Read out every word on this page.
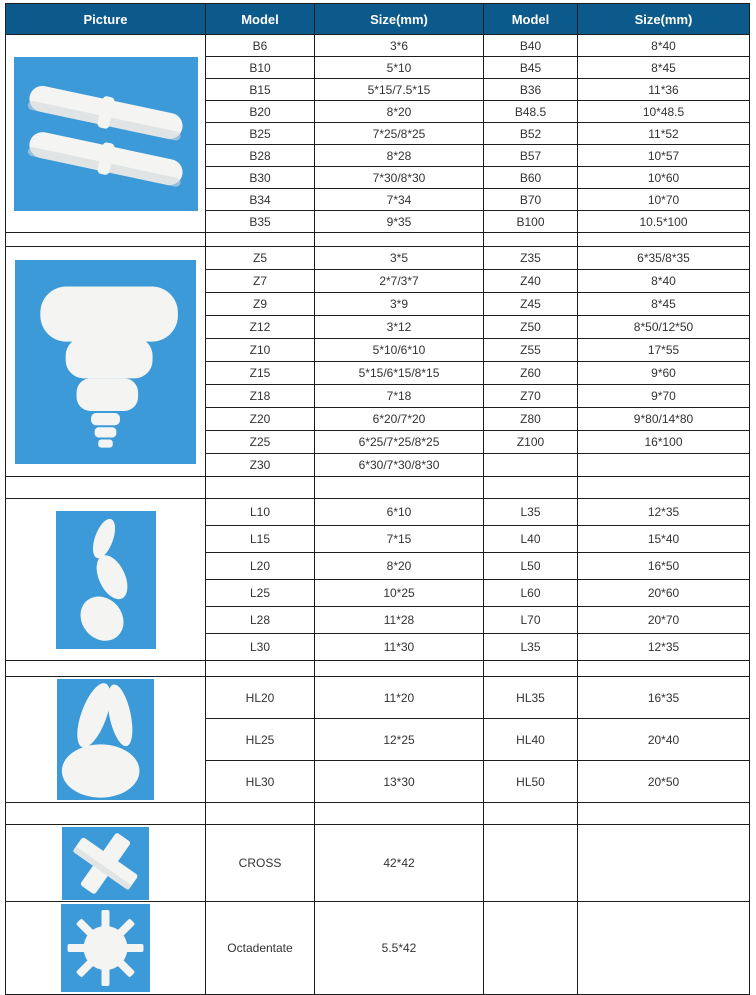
Picture	Model	Size(mm)	Model	Size(mm)

	B6	3*6	B40	8*40
	B10	5*10	B45	8*45
	B15	5*15/7.5*15	B36	11*36
	B20	8*20	B48.5	10*48.5
	B25	7*25/8*25	B52	11*52
	B28	8*28	B57	10*57
	B30	7*30/8*30	B60	10*60
	B34	7*34	B70	10*70
	B35	9*35	B100	10.5*100

	Z5	3*5	Z35	6*35/8*35
	Z7	2*7/3*7	Z40	8*40
	Z9	3*9	Z45	8*45
	Z12	3*12	Z50	8*50/12*50
	Z10	5*10/6*10	Z55	17*55
	Z15	5*15/6*15/8*15	Z60	9*60
	Z18	7*18	Z70	9*70
	Z20	6*20/7*20	Z80	9*80/14*80
	Z25	6*25/7*25/8*25	Z100	16*100
	Z30	6*30/7*30/8*30		

	L10	6*10	L35	12*35
	L15	7*15	L40	15*40
	L20	8*20	L50	16*50
	L25	10*25	L60	20*60
	L28	11*28	L70	20*70
	L30	11*30	L35	12*35

	HL20	11*20	HL35	16*35
	HL25	12*25	HL40	20*40
	HL30	13*30	HL50	20*50

	CROSS	42*42		

	Octadentate	5.5*42		
